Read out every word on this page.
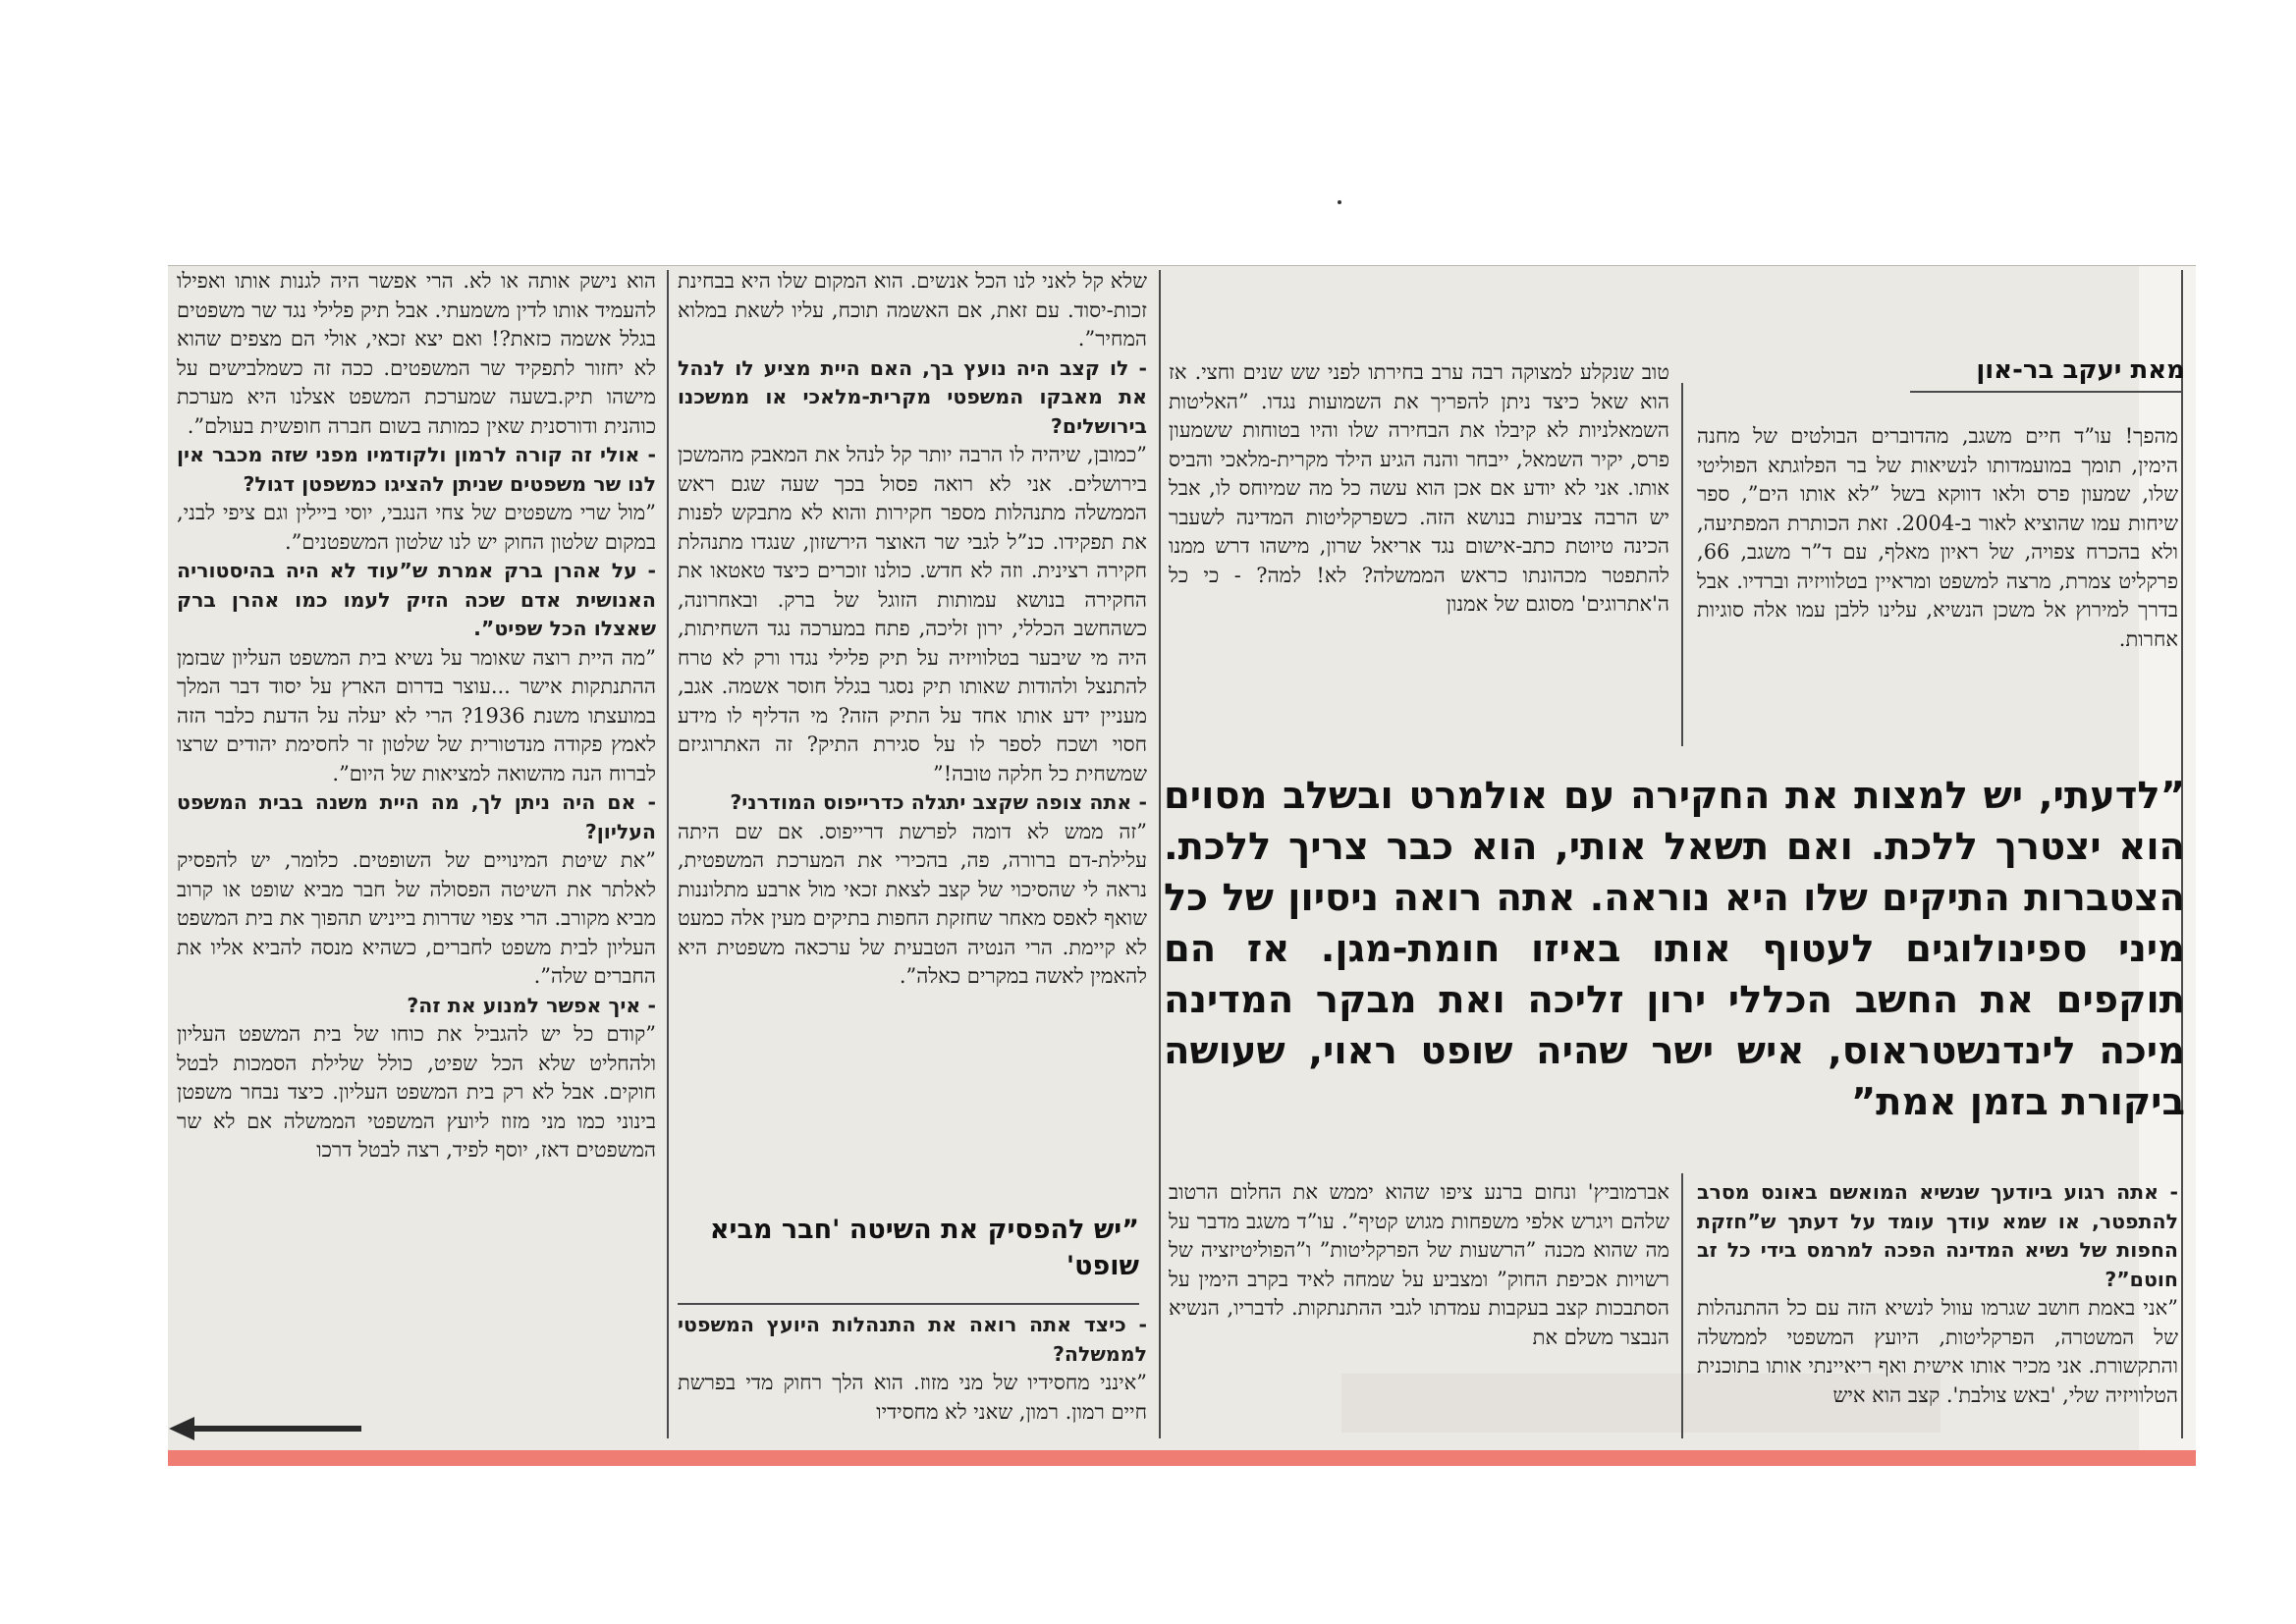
מאת יעקב בר-און

מהפך! עו”ד חיים משגב, מהדוברים הבולטים של מחנה הימין, תומך במועמדותו לנשיאות של בר הפלוגתא הפוליטי שלו, שמעון פרס ולאו דווקא בשל ”לא אותו הים”, ספר שיחות עמו שהוציא לאור ב-2004. זאת הכותרת המפתיעה, ולא בהכרח צפויה, של ראיון מאלף, עם ד”ר משגב, 66, פרקליט צמרת, מרצה למשפט ומראיין בטלוויזיה וברדיו. אבל בדרך למירוץ אל משכן הנשיא, עלינו ללבן עמו אלה סוגיות אחרות.

טוב שנקלע למצוקה רבה ערב בחירתו לפני שש שנים וחצי. אז הוא שאל כיצד ניתן להפריך את השמועות נגדו. ”האליטות השמאלניות לא קיבלו את הבחירה שלו והיו בטוחות ששמעון פרס, יקיר השמאל, ייבחר והנה הגיע הילד מקרית-מלאכי והביס אותו. אני לא יודע אם אכן הוא עשה כל מה שמיוחס לו, אבל יש הרבה צביעות בנושא הזה. כשפרקליטות המדינה לשעבר הכינה טיוטת כתב-אישום נגד אריאל שרון, מישהו דרש ממנו להתפטר מכהונתו כראש הממשלה? לא! למה? - כי כל ה'אתרוגים' מסוגם של אמנון

”לדעתי, יש למצות את החקירה עם אולמרט ובשלב מסוים הוא יצטרך ללכת. ואם תשאל אותי, הוא כבר צריך ללכת. הצטברות התיקים שלו היא נוראה. אתה רואה ניסיון של כל מיני ספינולוגים לעטוף אותו באיזו חומת-מגן. אז הם תוקפים את החשב הכללי ירון זליכה ואת מבקר המדינה מיכה לינדנשטראוס, איש ישר שהיה שופט ראוי, שעושה ביקורת בזמן אמת”

- אתה רגוע ביודעך שנשיא המואשם באונס מסרב להתפטר, או שמא עודך עומד על דעתך ש”חזקת החפות של נשיא המדינה הפכה למרמס בידי כל זב חוטם”?

”אני באמת חושב שגרמו עוול לנשיא הזה עם כל ההתנהלות של המשטרה, הפרקליטות, היועץ המשפטי לממשלה והתקשורת. אני מכיר אותו אישית ואף ריאיינתי אותו בתוכנית הטלוויזיה שלי, 'באש צולבת'. קצב הוא איש

אברמוביץ' ונחום ברנע ציפו שהוא יממש את החלום הרטוב שלהם ויגרש אלפי משפחות מגוש קטיף”. עו”ד משגב מדבר על מה שהוא מכנה ”הרשעות של הפרקליטות” ו”הפוליטיזציה של רשויות אכיפת החוק” ומצביע על שמחה לאיד בקרב הימין על הסתבכות קצב בעקבות עמדתו לגבי ההתנתקות. לדבריו, הנשיא הנבצר משלם את

שלא קל לאני לנו הכל אנשים. הוא המקום שלו היא בבחינת זכות-יסוד. עם זאת, אם האשמה תוכח, עליו לשאת במלוא המחיר”.

- לו קצב היה נועץ בך, האם היית מציע לו לנהל את מאבקו המשפטי מקרית-מלאכי או ממשכנו בירושלים?

”כמובן, שיהיה לו הרבה יותר קל לנהל את המאבק מהמשכן בירושלים. אני לא רואה פסול בכך שעה שגם ראש הממשלה מתנהלות מספר חקירות והוא לא מתבקש לפנות את תפקידו. כנ”ל לגבי שר האוצר הירשזון, שנגדו מתנהלת חקירה רצינית. וזה לא חדש. כולנו זוכרים כיצד טאטאו את החקירה בנושא עמותות הזוגל של ברק. ובאחרונה, כשהחשב הכללי, ירון זליכה, פתח במערכה נגד השחיתות, היה מי שיבער בטלוויזיה על תיק פלילי נגדו ורק לא טרח להתנצל ולהודות שאותו תיק נסגר בגלל חוסר אשמה. אגב, מעניין ידע אותו אחד על התיק הזה? מי הדליף לו מידע חסוי ושכח לספר לו על סגירת התיק? זה האתרוגיזם שמשחית כל חלקה טובה!”

- אתה צופה שקצב יתגלה כדרייפוס המודרני?

”זה ממש לא דומה לפרשת דרייפוס. אם שם היתה עלילת-דם ברורה, פה, בהכירי את המערכת המשפטית, נראה לי שהסיכוי של קצב לצאת זכאי מול ארבע מתלוננות שואף לאפס מאחר שחזקת החפות בתיקים מעין אלה כמעט לא קיימת. הרי הנטיה הטבעית של ערכאה משפטית היא להאמין לאשה במקרים כאלה”.

”יש להפסיק את השיטה 'חבר מביא שופט'

- כיצד אתה רואה את התנהלות היועץ המשפטי לממשלה?

”אינני מחסידיו של מני מזוז. הוא הלך רחוק מדי בפרשת חיים רמון. רמון, שאני לא מחסידיו

הוא נישק אותה או לא. הרי אפשר היה לגנות אותו ואפילו להעמיד אותו לדין משמעתי. אבל תיק פלילי נגד שר משפטים בגלל אשמה כזאת?! ואם יצא זכאי, אולי הם מצפים שהוא לא יחזור לתפקיד שר המשפטים. ככה זה כשמלבישים על מישהו תיק.בשעה שמערכת המשפט אצלנו היא מערכת כוהנית ודורסנית שאין כמותה בשום חברה חופשית בעולם”.

- אולי זה קורה לרמון ולקודמיו מפני שזה מכבר אין לנו שר משפטים שניתן להציגו כמשפטן דגול?

”מול שרי משפטים של צחי הנגבי, יוסי ביילין וגם ציפי לבני, במקום שלטון החוק יש לנו שלטון המשפטנים”.

- על אהרן ברק אמרת ש”עוד לא היה בהיסטוריה האנושית אדם שכה הזיק לעמו כמו אהרן ברק שאצלו הכל שפיט”.

”מה היית רוצה שאומר על נשיא בית המשפט העליון שבזמן ההתנתקות אישר ...עוצר בדרום הארץ על יסוד דבר המלך במועצתו משנת 1936? הרי לא יעלה על הדעת כלבר הזה לאמץ פקודה מנדטורית של שלטון זר לחסימת יהודים שרצו לברוח הנה מהשואה למציאות של היום”.

- אם היה ניתן לך, מה היית משנה בבית המשפט העליון?

”את שיטת המינויים של השופטים. כלומר, יש להפסיק לאלתר את השיטה הפסולה של חבר מביא שופט או קרוב מביא מקורב. הרי צפוי שדרות בייניש תהפוך את בית המשפט העליון לבית משפט לחברים, כשהיא מנסה להביא אליו את החברים שלה”.

- איך אפשר למנוע את זה?

”קודם כל יש להגביל את כוחו של בית המשפט העליון ולהחליט שלא הכל שפיט, כולל שלילת הסמכות לבטל חוקים. אבל לא רק בית המשפט העליון. כיצד נבחר משפטן בינוני כמו מני מזוז ליועץ המשפטי הממשלה אם לא שר המשפטים דאז, יוסף לפיד, רצה לבטל דרכו
